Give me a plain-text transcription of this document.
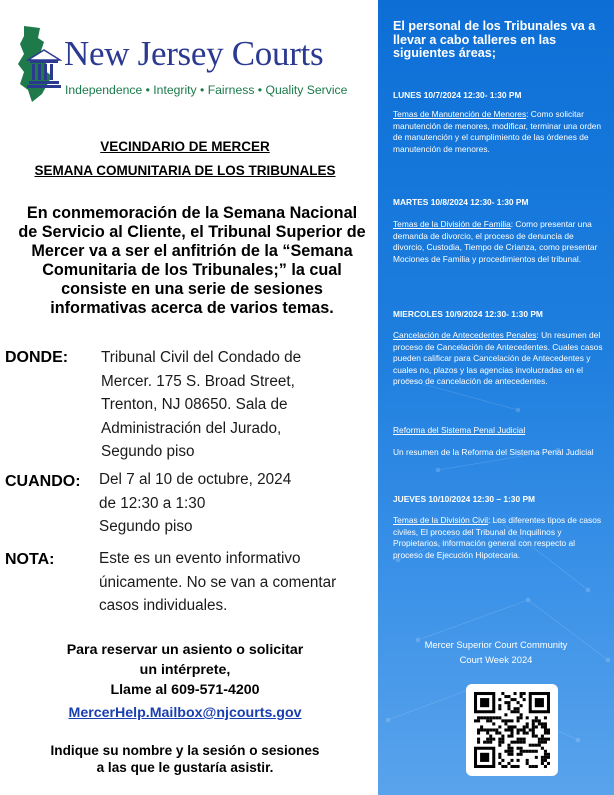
New Jersey Courts
Independence • Integrity • Fairness • Quality Service
VECINDARIO DE MERCER
SEMANA COMUNITARIA DE LOS TRIBUNALES
En conmemoración de la Semana Nacional de Servicio al Cliente, el Tribunal Superior de Mercer va a ser el anfitrión de la “Semana Comunitaria de los Tribunales;” la cual consiste en una serie de sesiones informativas acerca de varios temas.
DONDE: Tribunal Civil del Condado de
Mercer. 175 S. Broad Street,
Trenton, NJ 08650. Sala de
Administración del Jurado,
Segundo piso
CUANDO: Del 7 al 10 de octubre, 2024
de 12:30 a 1:30
Segundo piso
NOTA:	Este es un evento informativo
únicamente. No se van a comentar
casos individuales.
Para reservar un asiento o solicitar
un intérprete,
Llame al 609-571-4200
MercerHelp.Mailbox@njcourts.gov
Indique su nombre y la sesión o sesiones
a las que le gustaría asistir.
El personal de los Tribunales va a llevar a cabo talleres en las siguientes áreas;
LUNES 10/7/2024 12:30- 1:30 PM
Temas de Manutención de Menores: Como solicitar manutención de menores, modificar, terminar una orden de manutención y el cumplimiento de las órdenes de manutención de menores.
MARTES 10/8/2024 12:30- 1:30 PM
Temas de la División de Familia: Como presentar una demanda de divorcio, el proceso de denuncia de divorcio, Custodia, Tiempo de Crianza, como presentar Mociones de Familia y procedimientos del tribunal.
MIERCOLES 10/9/2024 12:30- 1:30 PM
Cancelación de Antecedentes Penales: Un resumen del proceso de Cancelación de Antecedentes. Cuales casos pueden calificar para Cancelación de Antecedentes y cuales no, plazos y las agencias involucradas en el proceso de cancelación de antecedentes.
Reforma del Sistema Penal Judicial
Un resumen de la Reforma del Sistema Penal Judicial
JUEVES 10/10/2024 12:30 – 1:30 PM
Temas de la División Civil: Los diferentes tipos de casos civiles, El proceso del Tribunal de Inquilinos y Propietarios, información general con respecto al proceso de Ejecución Hipotecaria.
Mercer Superior Court Community
Court Week 2024
